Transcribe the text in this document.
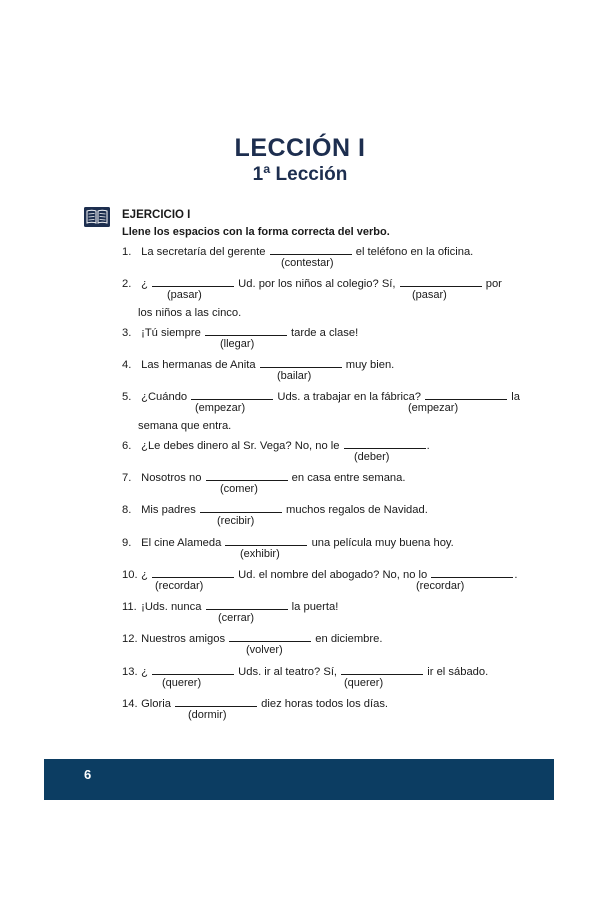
LECCIÓN I
1ª Lección
EJERCICIO I
Llene los espacios con la forma correcta del verbo.
1. La secretaría del gerente	el teléfono en la oficina.
(contestar)
2. ¿	Ud. por los niños al colegio? Sí,	por
(pasar)	(pasar)
los niños a las cinco.
3. ¡Tú siempre	tarde a clase!
(llegar)
4. Las hermanas de Anita	muy bien.
(bailar)
5. ¿Cuándo	Uds. a trabajar en la fábrica?	la
(empezar)	(empezar)
semana que entra.
6. ¿Le debes dinero al Sr. Vega? No, no le	.
(deber)
7. Nosotros no	en casa entre semana.
(comer)
8. Mis padres	muchos regalos de Navidad.
(recibir)
9. El cine Alameda	una película muy buena hoy.
(exhibir)
10. ¿	Ud. el nombre del abogado? No, no lo	.
(recordar)	(recordar)
11. ¡Uds. nunca	la puerta!
(cerrar)
12. Nuestros amigos	en diciembre.
(volver)
13. ¿	Uds. ir al teatro? Sí,	ir el sábado.
(querer)	(querer)
14. Gloria	diez horas todos los días.
(dormir)
6
